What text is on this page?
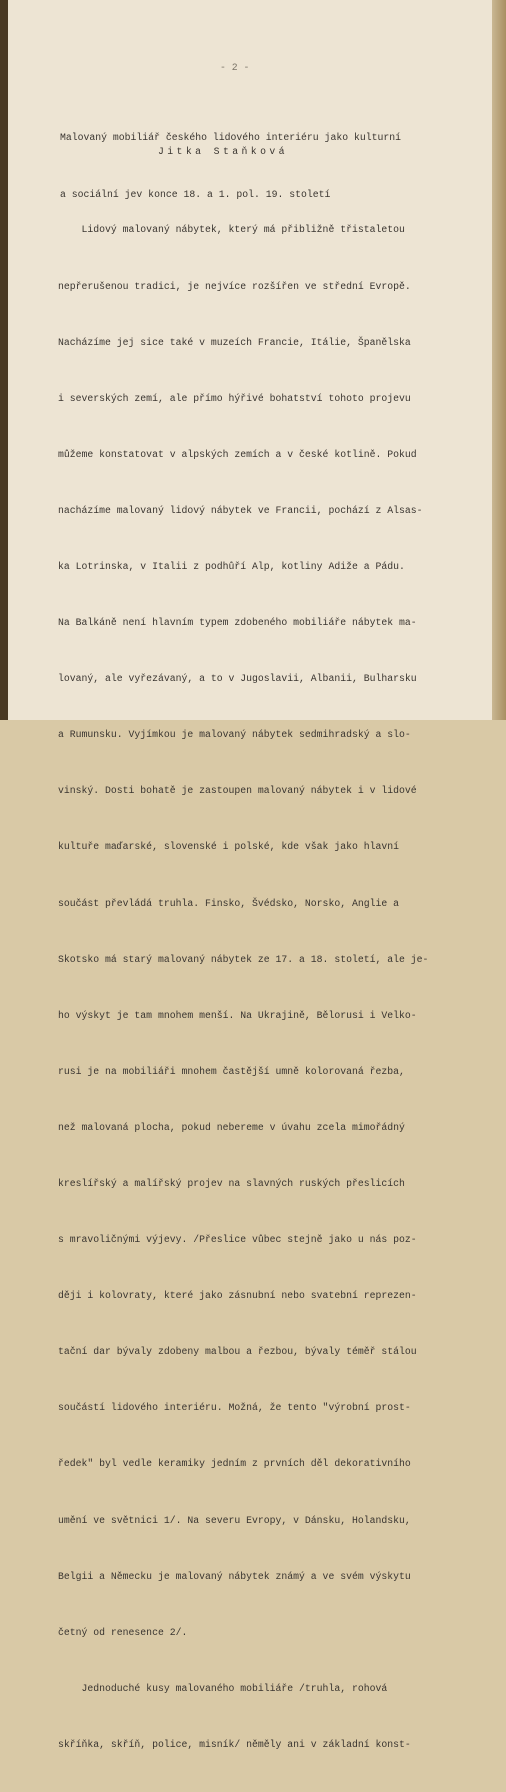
- 2 -

Malovaný mobiliář českého lidového interiéru jako kulturní

a sociální jev konce 18. a 1. pol. 19. století

Jitka Staňková

Lidový malovaný nábytek, který má přibližně třistaletou

nepřerušenou tradici, je nejvíce rozšířen ve střední Evropě.

Nacházíme jej sice také v muzeích Francie, Itálie, Španělska

i severských zemí, ale přímo hýřivé bohatství tohoto projevu

můžeme konstatovat v alpských zemích a v české kotlině. Pokud

nacházíme malovaný lidový nábytek ve Francii, pochází z Alsas-

ka Lotrinska, v Italii z podhůří Alp, kotliny Adiže a Pádu.

Na Balkáně není hlavním typem zdobeného mobiliáře nábytek ma-

lovaný, ale vyřezávaný, a to v Jugoslavii, Albanii, Bulharsku

a Rumunsku. Vyjímkou je malovaný nábytek sedmihradský a slo-

vinský. Dosti bohatě je zastoupen malovaný nábytek i v lidové

kultuře maďarské, slovenské i polské, kde však jako hlavní

součást převládá truhla. Finsko, Švédsko, Norsko, Anglie a

Skotsko má starý malovaný nábytek ze 17. a 18. století, ale je-

ho výskyt je tam mnohem menší. Na Ukrajině, Bělorusi i Velko-

rusi je na mobiliáři mnohem častější umně kolorovaná řezba,

než malovaná plocha, pokud nebereme v úvahu zcela mimořádný

kreslířský a malířský projev na slavných ruských přeslicích

s mravoličnými výjevy. /Přeslice vůbec stejně jako u nás poz-

ději i kolovraty, které jako zásnubní nebo svatební reprezen-

tační dar bývaly zdobeny malbou a řezbou, bývaly téměř stálou

součástí lidového interiéru. Možná, že tento "výrobní prost-

ředek" byl vedle keramiky jedním z prvních děl dekorativního

umění ve světnici 1/. Na severu Evropy, v Dánsku, Holandsku,

Belgii a Německu je malovaný nábytek známý a ve svém výskytu

četný od renesence 2/.

Jednoduché kusy malovaného mobiliáře /truhla, rohová

skříňka, skříň, police, misník/ něměly ani v základní konst-
